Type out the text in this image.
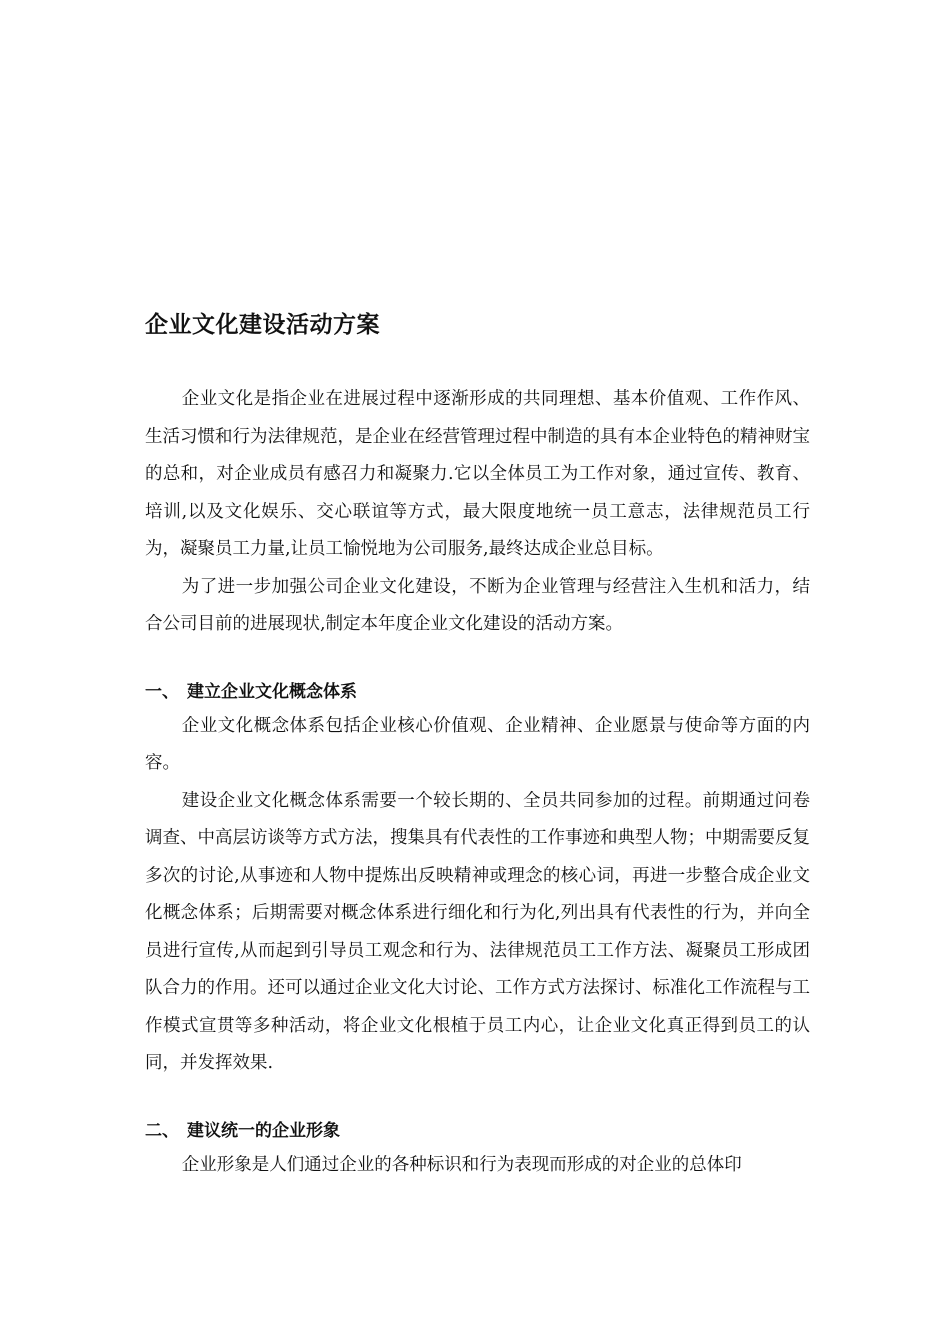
企业文化建设活动方案

企业文化是指企业在进展过程中逐渐形成的共同理想、基本价值观、工作作风、生活习惯和行为法律规范，是企业在经营管理过程中制造的具有本企业特色的精神财宝的总和，对企业成员有感召力和凝聚力.它以全体员工为工作对象，通过宣传、教育、培训,以及文化娱乐、交心联谊等方式，最大限度地统一员工意志，法律规范员工行为，凝聚员工力量,让员工愉悦地为公司服务,最终达成企业总目标。

为了进一步加强公司企业文化建设，不断为企业管理与经营注入生机和活力，结合公司目前的进展现状,制定本年度企业文化建设的活动方案。

一、 建立企业文化概念体系

企业文化概念体系包括企业核心价值观、企业精神、企业愿景与使命等方面的内容。

建设企业文化概念体系需要一个较长期的、全员共同参加的过程。前期通过问卷调查、中高层访谈等方式方法，搜集具有代表性的工作事迹和典型人物；中期需要反复多次的讨论,从事迹和人物中提炼出反映精神或理念的核心词，再进一步整合成企业文化概念体系；后期需要对概念体系进行细化和行为化,列出具有代表性的行为，并向全员进行宣传,从而起到引导员工观念和行为、法律规范员工工作方法、凝聚员工形成团队合力的作用。还可以通过企业文化大讨论、工作方式方法探讨、标准化工作流程与工作模式宣贯等多种活动，将企业文化根植于员工内心，让企业文化真正得到员工的认同，并发挥效果.

二、 建议统一的企业形象

企业形象是人们通过企业的各种标识和行为表现而形成的对企业的总体印
